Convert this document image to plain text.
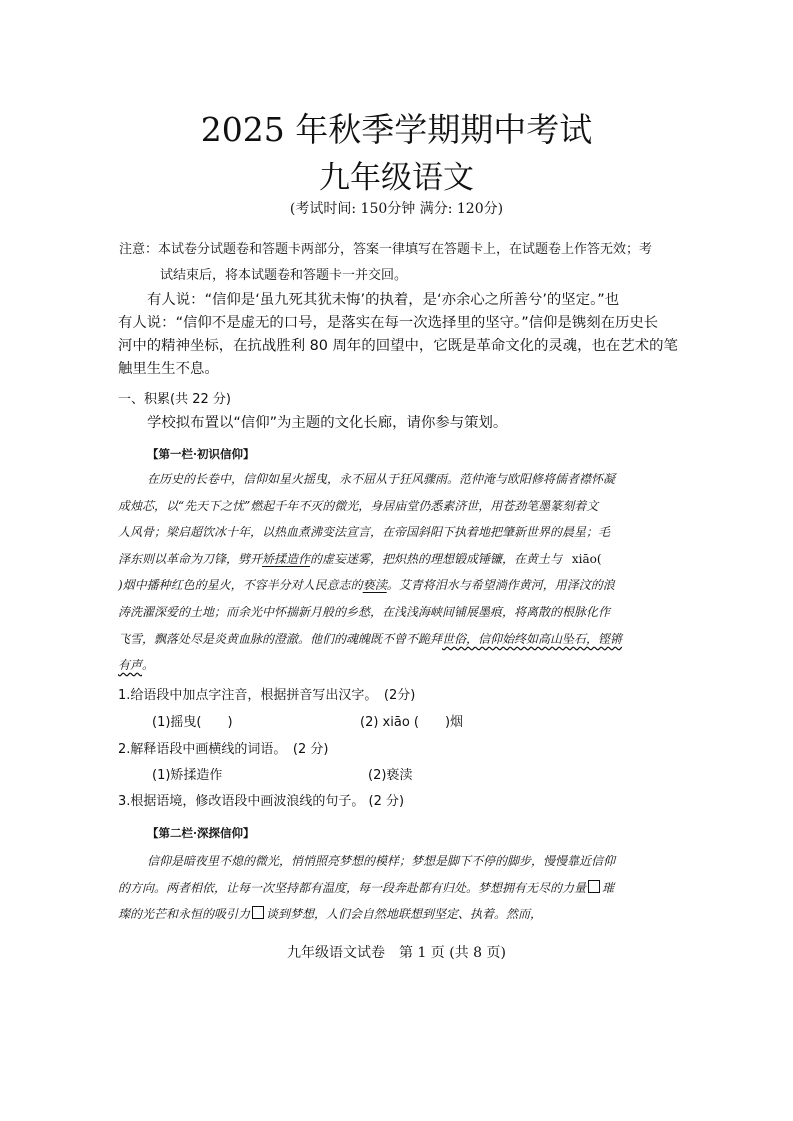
2025 年秋季学期期中考试
九年级语文
(考试时间: 150分钟 满分: 120分)
注意：本试卷分试题卷和答题卡两部分，答案一律填写在答题卡上，在试题卷上作答无效；考
试结束后，将本试题卷和答题卡一并交回。
有人说：“信仰是‘虽九死其犹未悔’的执着，是‘亦余心之所善兮’的坚定。”也
有人说：“信仰不是虚无的口号，是落实在每一次选择里的坚守。”信仰是镌刻在历史长
河中的精神坐标，在抗战胜利 80 周年的回望中，它既是革命文化的灵魂，也在艺术的笔
触里生生不息。
一、积累(共 22 分)
学校拟布置以“信仰”为主题的文化长廊，请你参与策划。
【第一栏·初识信仰】
在历史的长卷中，信仰如星火摇曳，永不屈从于狂风骤雨。范仲淹与欧阳修将儒者襟怀凝
成烛芯，以“先天下之忧”燃起千年不灭的微光，身居庙堂仍悉素济世，用苍劲笔墨篆刻着文
人风骨；梁启超饮冰十年，以热血煮沸变法宣言，在帝国斜阳下执着地把肇新世界的晨星；毛
泽东则以革命为刀锋，劈开矫揉造作的虚妄迷雾，把炽热的理想锻成锤镰，在黄土与 xiāo(
)烟中播种红色的星火，不容半分对人民意志的亵渎。艾青将泪水与希望淌作黄河，用泽汶的浪
涛洗濯深爱的土地；而余光中怀揣新月般的乡愁，在浅浅海峡间铺展墨痕，将离散的根脉化作
飞雪，飘落处尽是炎黄血脉的澄澈。他们的魂魄既不曾不跪拜世俗，信仰始终如高山坠石，铿锵
有声。
1.给语段中加点字注音，根据拼音写出汉字。　(2分)
(1)摇曳(　　)	(2) xiāo (　　)烟
2.解释语段中画横线的词语。　(2 分)
(1)矫揉造作	(2)亵渎
3.根据语境，修改语段中画波浪线的句子。 (2 分)
【第二栏·深探信仰】
信仰是暗夜里不熄的微光，悄悄照亮梦想的模样；梦想是脚下不停的脚步，慢慢靠近信仰
的方向。两者相依，让每一次坚持都有温度，每一段奔赴都有归处。梦想拥有无尽的力量 璀
璨的光芒和永恒的吸引力 谈到梦想，人们会自然地联想到坚定、执着。然而，
九年级语文试卷　第 1 页 (共 8 页)
